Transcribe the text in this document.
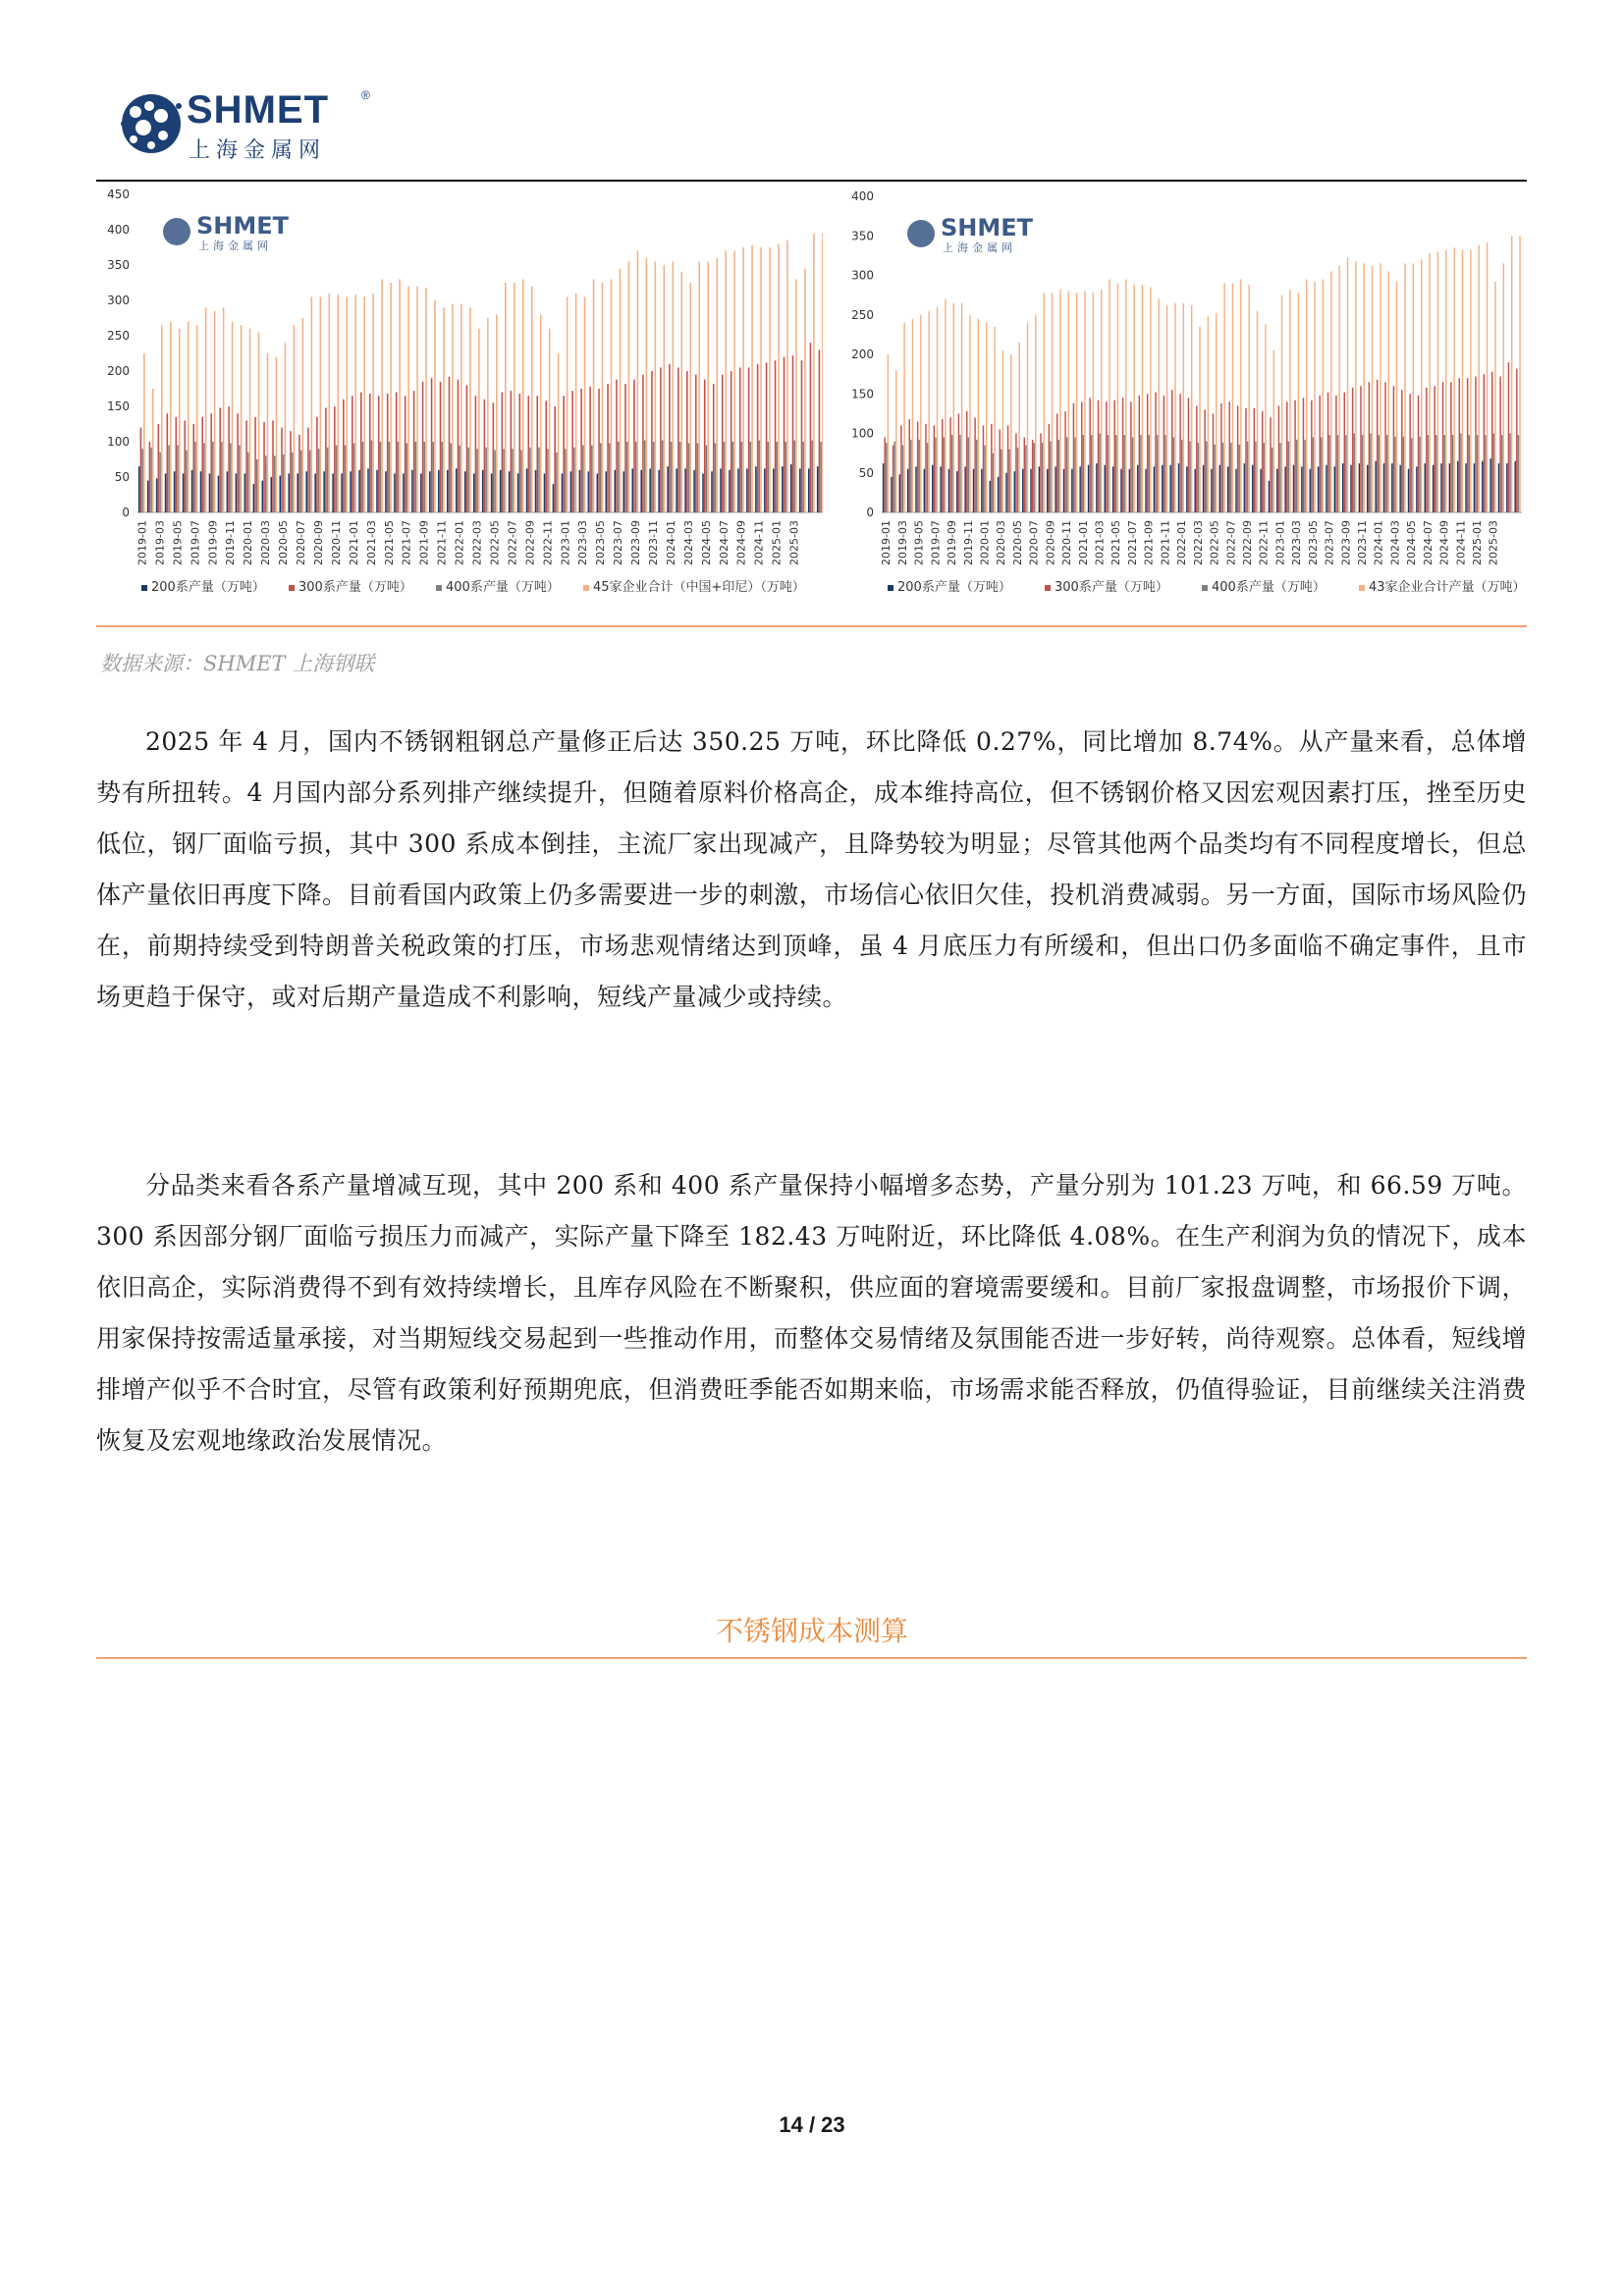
SHMET	®
上海金属网
0
50
100
150
200
250
300
350
400
450
SHMET
上海金属网
2019-01 2019-03 2019-05 2019-07 2019-09 2019-11 2020-01 2020-03 2020-05 2020-07 2020-09 2020-11 2021-01 2021-03 2021-05 2021-07 2021-09 2021-11 2022-01 2022-03 2022-05 2022-07 2022-09 2022-11 2023-01 2023-03 2023-05 2023-07 2023-09 2023-11 2024-01 2024-03 2024-05 2024-07 2024-09 2024-11 2025-01 2025-03
200系产量（万吨）	300系产量（万吨）	400系产量（万吨）	45家企业合计（中国+印尼）（万吨）
0
50
100
150
200
250
300
350
400
SHMET
上海金属网
2019-01 2019-03 2019-05 2019-07 2019-09 2019-11 2020-01 2020-03 2020-05 2020-07 2020-09 2020-11 2021-01 2021-03 2021-05 2021-07 2021-09 2021-11 2022-01 2022-03 2022-05 2022-07 2022-09 2022-11 2023-01 2023-03 2023-05 2023-07 2023-09 2023-11 2024-01 2024-03 2024-05 2024-07 2024-09 2024-11 2025-01 2025-03
200系产量（万吨）	300系产量（万吨）	400系产量（万吨）	43家企业合计产量（万吨）
数据来源：SHMET 上海钢联
2025 年 4 月，国内不锈钢粗钢总产量修正后达 350.25 万吨，环比降低 0.27%，同比增加 8.74%。从产量来看，总体增势有所扭转。4 月国内部分系列排产继续提升，但随着原料价格高企，成本维持高位，但不锈钢价格又因宏观因素打压，挫至历史低位，钢厂面临亏损，其中 300 系成本倒挂，主流厂家出现减产，且降势较为明显；尽管其他两个品类均有不同程度增长，但总体产量依旧再度下降。目前看国内政策上仍多需要进一步的刺激，市场信心依旧欠佳，投机消费减弱。另一方面，国际市场风险仍在，前期持续受到特朗普关税政策的打压，市场悲观情绪达到顶峰，虽 4 月底压力有所缓和，但出口仍多面临不确定事件，且市场更趋于保守，或对后期产量造成不利影响，短线产量减少或持续。
分品类来看各系产量增减互现，其中 200 系和 400 系产量保持小幅增多态势，产量分别为 101.23 万吨，和 66.59 万吨。300 系因部分钢厂面临亏损压力而减产，实际产量下降至 182.43 万吨附近，环比降低 4.08%。在生产利润为负的情况下，成本依旧高企，实际消费得不到有效持续增长，且库存风险在不断聚积，供应面的窘境需要缓和。目前厂家报盘调整，市场报价下调，用家保持按需适量承接，对当期短线交易起到一些推动作用，而整体交易情绪及氛围能否进一步好转，尚待观察。总体看，短线增排增产似乎不合时宜，尽管有政策利好预期兜底，但消费旺季能否如期来临，市场需求能否释放，仍值得验证，目前继续关注消费恢复及宏观地缘政治发展情况。
不锈钢成本测算
14 / 23
